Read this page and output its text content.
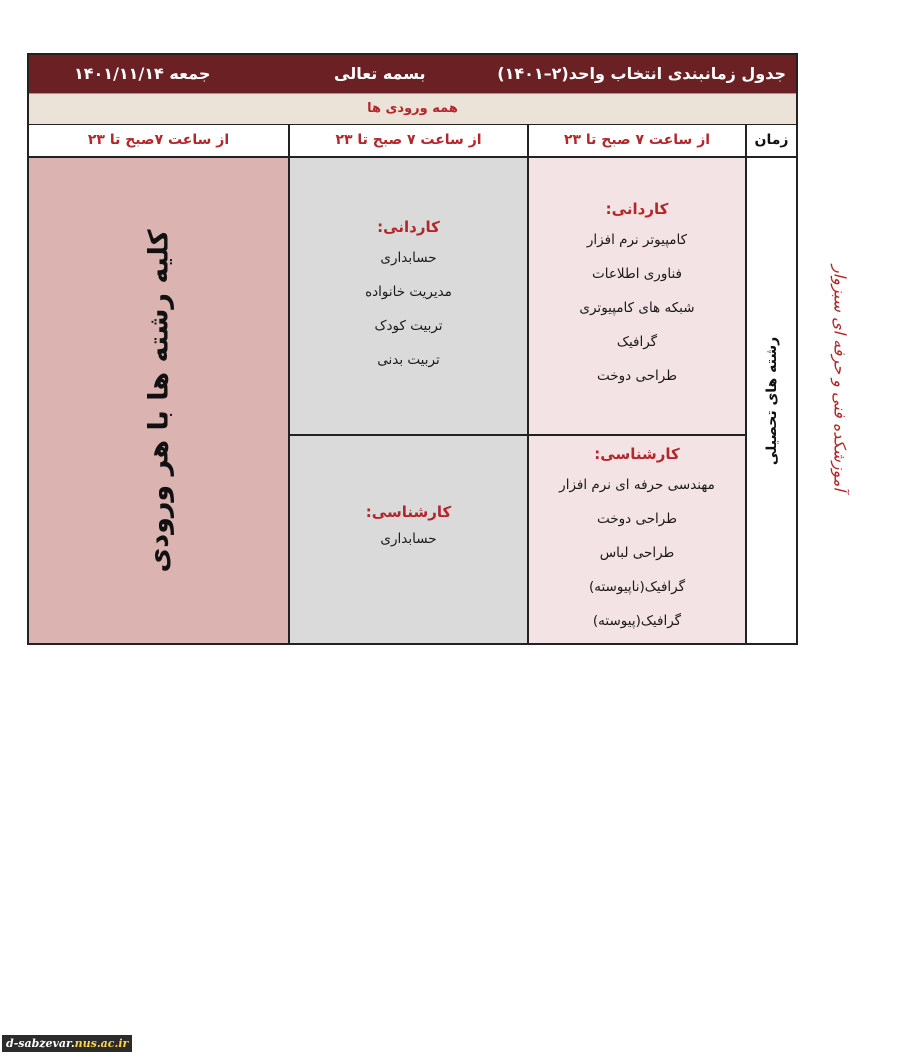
جدول زمانبندی انتخاب واحد(۲–۱۴۰۱)
بسمه تعالی
جمعه ۱۴۰۱/۱۱/۱۴
همه ورودی ها
زمان
از ساعت ۷ صبح تا ۲۳
از ساعت ۷ صبح تا ۲۳
از ساعت ۷صبح تا ۲۳
رشته های تحصیلی
کاردانی:
کامپیوتر نرم افزار
فناوری اطلاعات
شبکه های کامپیوتری
گرافیک
طراحی دوخت
کارشناسی:
مهندسی حرفه ای نرم افزار
طراحی دوخت
طراحی لباس
گرافیک(ناپیوسته)
گرافیک(پیوسته)
کاردانی:
حسابداری
مدیریت خانواده
تربیت کودک
تربیت بدنی
کارشناسی:
حسابداری
کلیه رشته ها با هر ورودی	آموزشکده فنی و حرفه ای سبزوار
d-sabzevar.nus.ac.ir
